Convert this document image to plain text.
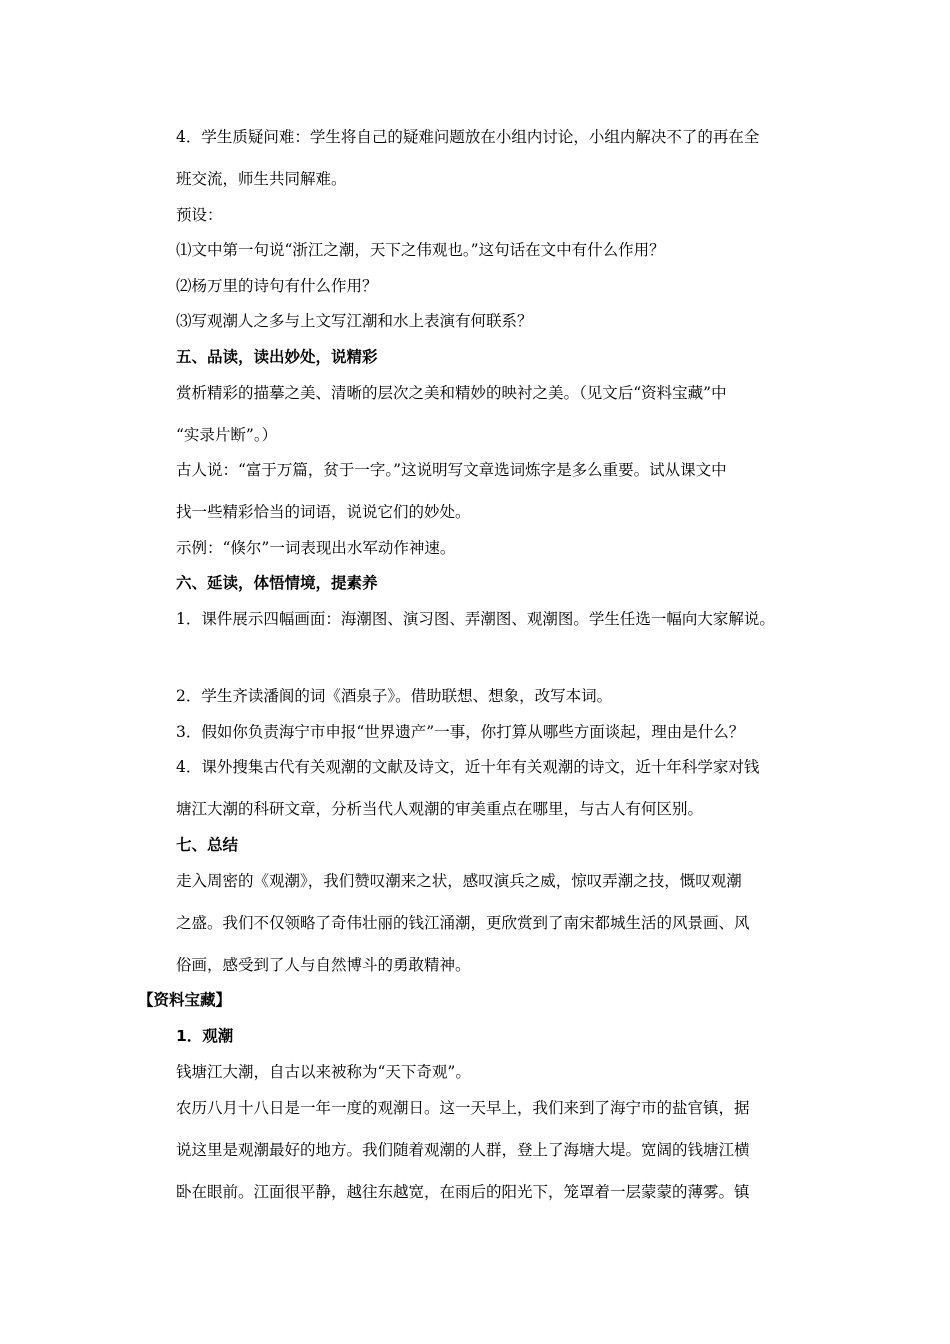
4．学生质疑问难：学生将自己的疑难问题放在小组内讨论，小组内解决不了的再在全
班交流，师生共同解难。
预设：
⑴文中第一句说“浙江之潮，天下之伟观也。”这句话在文中有什么作用？
⑵杨万里的诗句有什么作用？
⑶写观潮人之多与上文写江潮和水上表演有何联系？
五、品读，读出妙处，说精彩
赏析精彩的描摹之美、清晰的层次之美和精妙的映衬之美。（见文后“资料宝藏”中
“实录片断”。）
古人说：“富于万篇，贫于一字。”这说明写文章选词炼字是多么重要。试从课文中
找一些精彩恰当的词语，说说它们的妙处。
示例：“倏尔”一词表现出水军动作神速。
六、延读，体悟情境，提素养
1．课件展示四幅画面：海潮图、演习图、弄潮图、观潮图。学生任选一幅向大家解说。
2．学生齐读潘阆的词《酒泉子》。借助联想、想象，改写本词。
3．假如你负责海宁市申报“世界遗产”一事，你打算从哪些方面谈起，理由是什么？
4．课外搜集古代有关观潮的文献及诗文，近十年有关观潮的诗文，近十年科学家对钱
塘江大潮的科研文章，分析当代人观潮的审美重点在哪里，与古人有何区别。
七、总结
走入周密的《观潮》，我们赞叹潮来之状，感叹演兵之威，惊叹弄潮之技，慨叹观潮
之盛。我们不仅领略了奇伟壮丽的钱江涌潮，更欣赏到了南宋都城生活的风景画、风
俗画，感受到了人与自然博斗的勇敢精神。
【资料宝藏】
1．观潮
钱塘江大潮，自古以来被称为“天下奇观”。
农历八月十八日是一年一度的观潮日。这一天早上，我们来到了海宁市的盐官镇，据
说这里是观潮最好的地方。我们随着观潮的人群，登上了海塘大堤。宽阔的钱塘江横
卧在眼前。江面很平静，越往东越宽，在雨后的阳光下，笼罩着一层蒙蒙的薄雾。镇
